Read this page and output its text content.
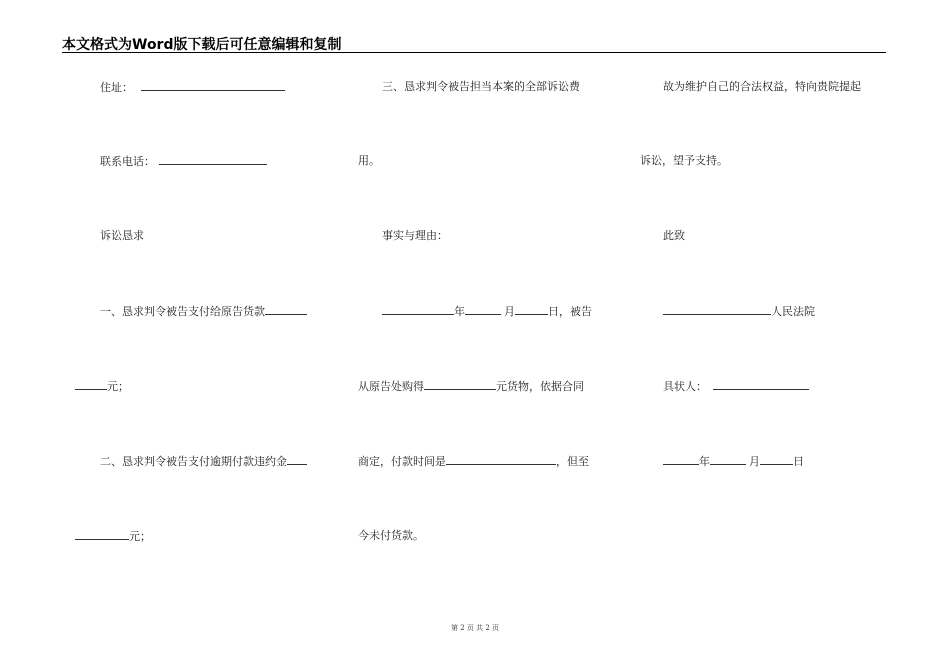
本文格式为Word版下载后可任意编辑和复制
住址：
联系电话：
诉讼恳求
一、恳求判令被告支付给原告货款
元；
二、恳求判令被告支付逾期付款违约金
元；
三、恳求判令被告担当本案的全部诉讼费
用。
事实与理由：
年	月	日，被告
从原告处购得	元货物，依据合同
商定，付款时间是	，但至
今未付货款。
故为维护自己的合法权益，特向贵院提起
诉讼，望予支持。
此致
人民法院
具状人：
年	月	日
第 2 页 共 2 页
